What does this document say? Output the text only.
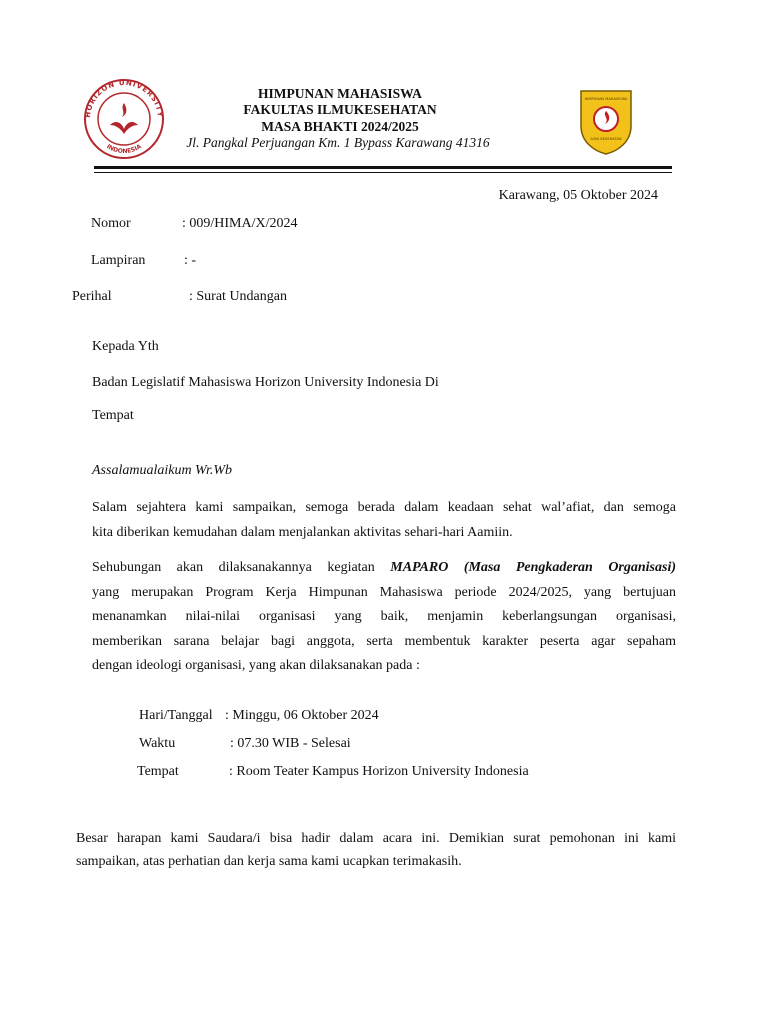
HORIZON UNIVERSITY
INDONESIA
HIMPUNAN MAHASISWA
FAKULTAS ILMUKESEHATAN
MASA BHAKTI 2024/2025
Jl. Pangkal Perjuangan Km. 1 Bypass Karawang 41316
HIMPUNAN MAHASISWA
ILMU KESEHATAN
Karawang, 05 Oktober 2024
Nomor	: 009/HIMA/X/2024
Lampiran	: -
Perihal	: Surat Undangan
Kepada Yth
Badan Legislatif Mahasiswa Horizon University Indonesia Di
Tempat
Assalamualaikum Wr.Wb
Salam sejahtera kami sampaikan, semoga berada dalam keadaan sehat wal’afiat, dan semoga
kita diberikan kemudahan dalam menjalankan aktivitas sehari-hari Aamiin.
Sehubungan akan dilaksanakannya kegiatan MAPARO (Masa Pengkaderan Organisasi)
yang merupakan Program Kerja Himpunan Mahasiswa periode 2024/2025, yang bertujuan
menanamkan nilai-nilai organisasi yang baik, menjamin keberlangsungan organisasi,
memberikan sarana belajar bagi anggota, serta membentuk karakter peserta agar sepaham
dengan ideologi organisasi, yang akan dilaksanakan pada :
Hari/Tanggal : Minggu, 06 Oktober 2024
Waktu	: 07.30 WIB - Selesai
Tempat	: Room Teater Kampus Horizon University Indonesia
Besar harapan kami Saudara/i bisa hadir dalam acara ini. Demikian surat pemohonan ini kami
sampaikan, atas perhatian dan kerja sama kami ucapkan terimakasih.
